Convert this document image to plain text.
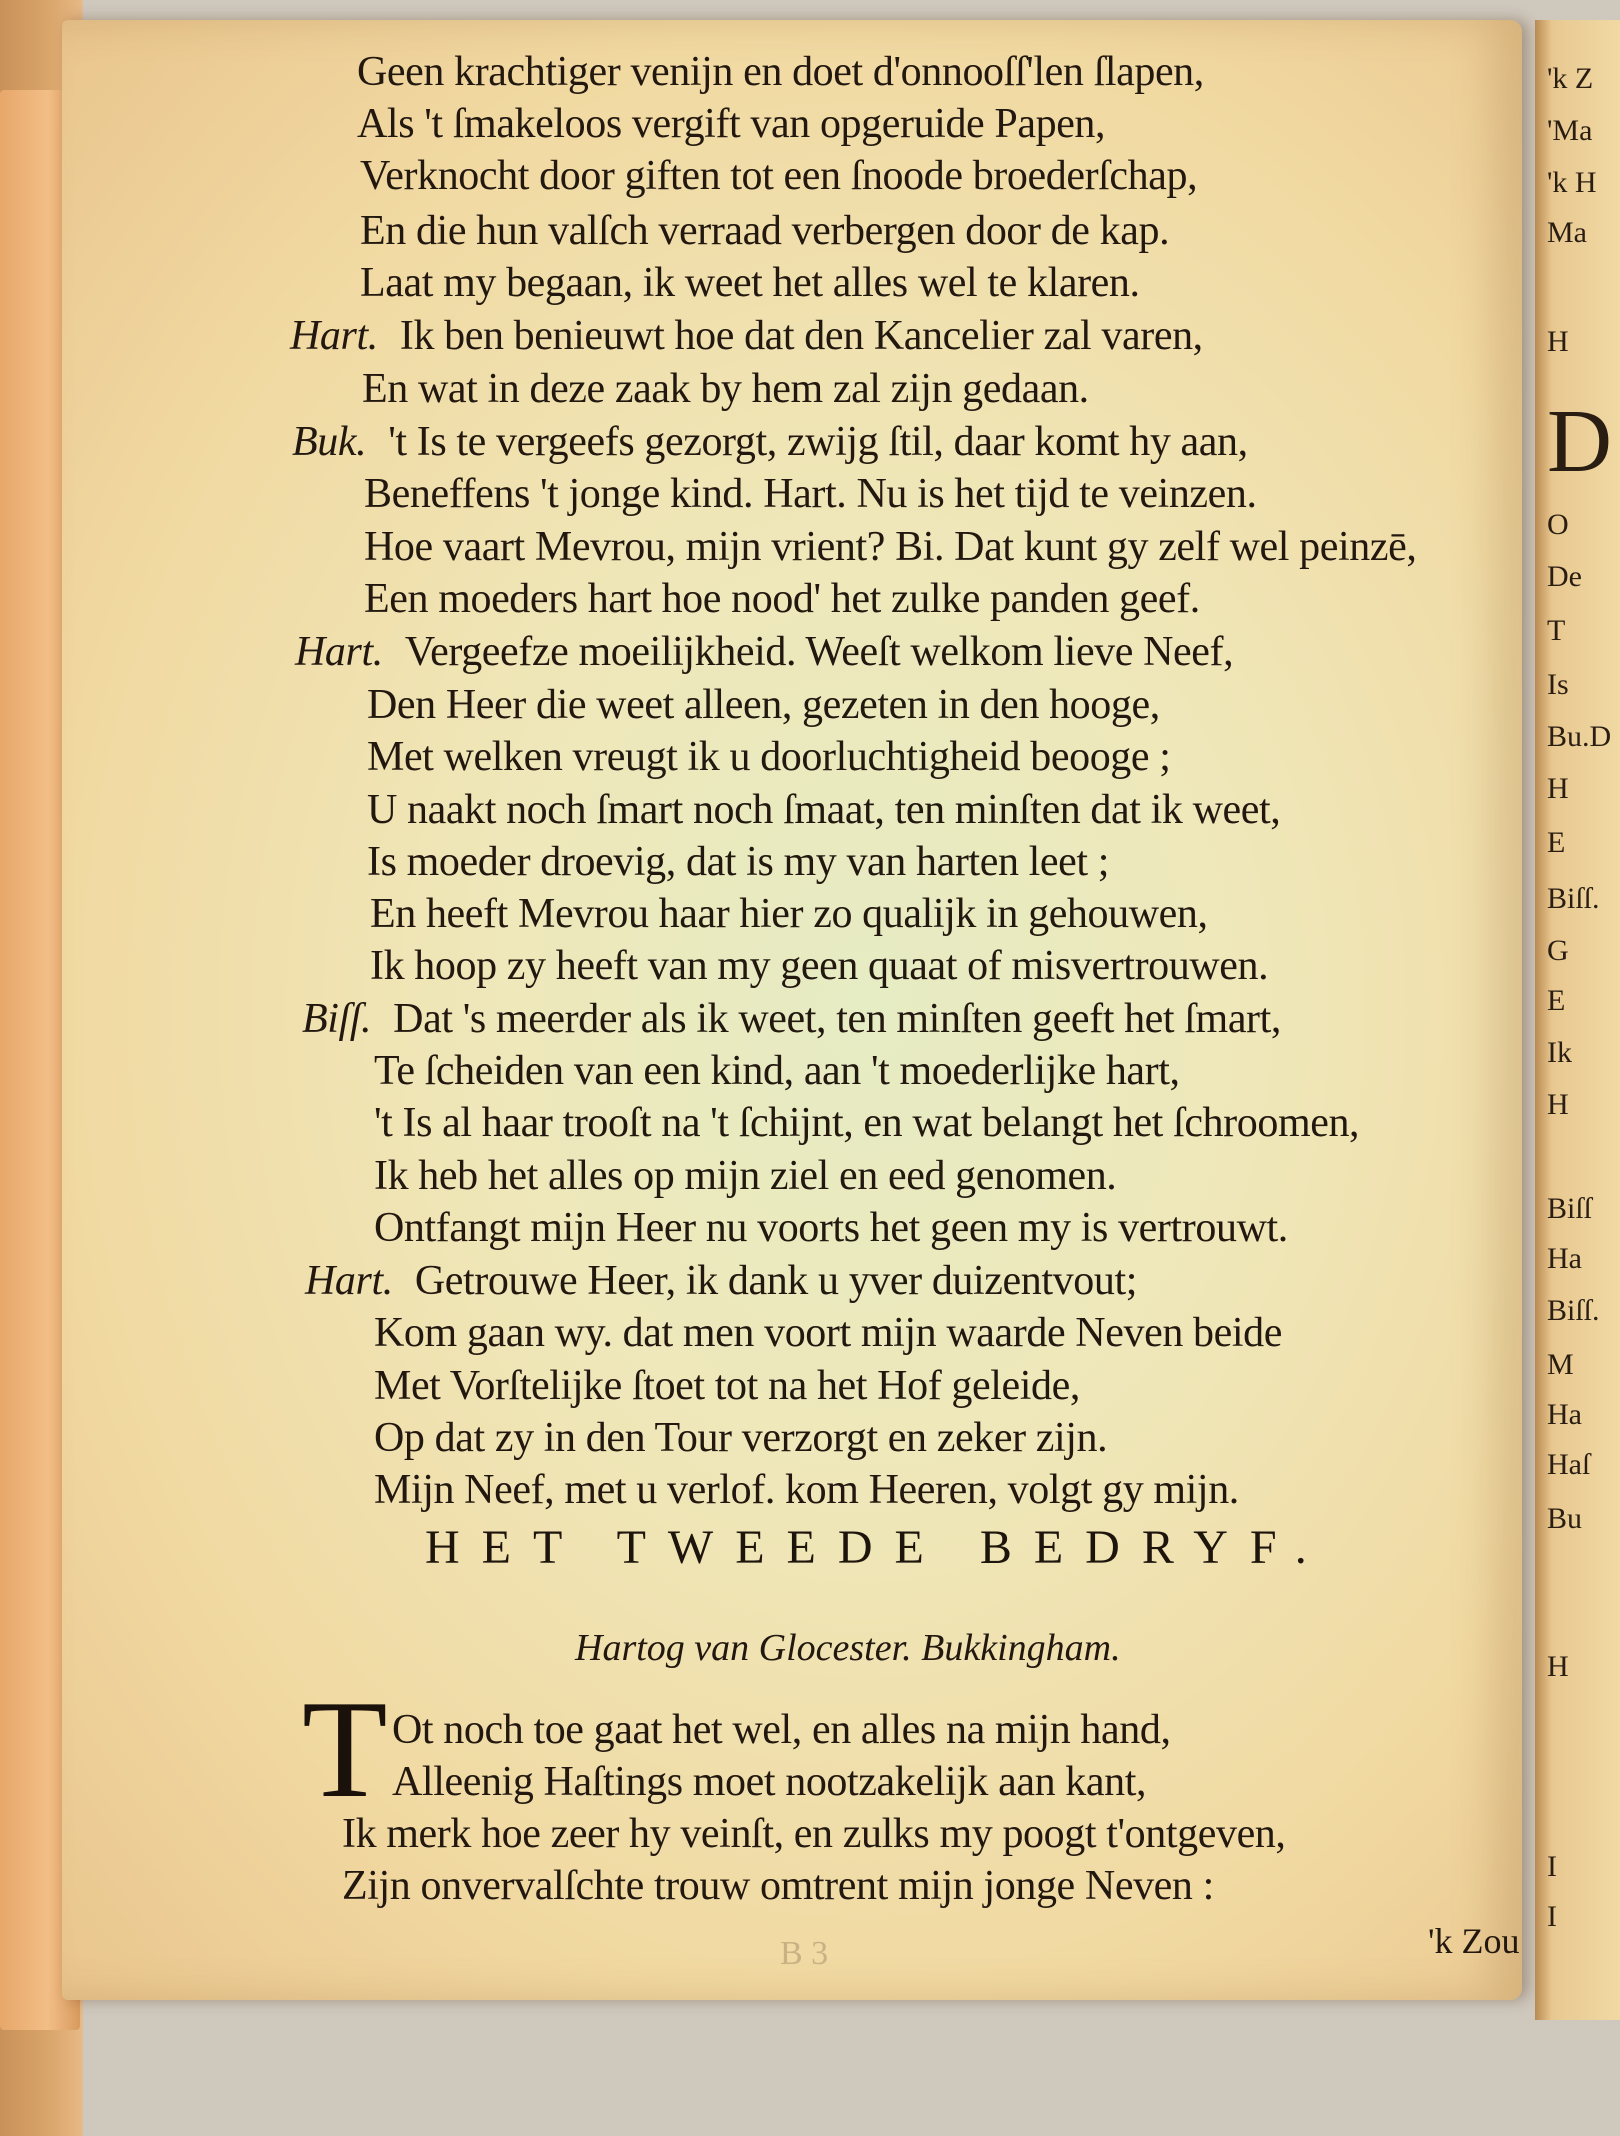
'k Z
'Ma
'k H
Ma
H
D
O
De
T
Is
Bu.D
H
E
Biſſ.
G
E
Ik
H
Biſſ
Ha
Biſſ.
M
Ha
Haſ
Bu
H
I
I
Geen krachtiger venijn en doet d'onnooſſ'len ſlapen,
Als 't ſmakeloos vergift van opgeruide Papen,
Verknocht door giften tot een ſnoode broederſchap,
En die hun valſch verraad verbergen door de kap.
Laat my begaan, ik weet het alles wel te klaren.
Hart. Ik ben benieuwt hoe dat den Kancelier zal varen,
En wat in deze zaak by hem zal zijn gedaan.
Buk. 't Is te vergeefs gezorgt, zwijg ſtil, daar komt hy aan,
Beneffens 't jonge kind. Hart. Nu is het tijd te veinzen.
Hoe vaart Mevrou, mijn vrient? Bi. Dat kunt gy zelf wel peinzē,
Een moeders hart hoe nood' het zulke panden geef.
Hart. Vergeefze moeilijkheid. Weeſt welkom lieve Neef,
Den Heer die weet alleen, gezeten in den hooge,
Met welken vreugt ik u doorluchtigheid beooge ;
U naakt noch ſmart noch ſmaat, ten minſten dat ik weet,
Is moeder droevig, dat is my van harten leet ;
En heeft Mevrou haar hier zo qualijk in gehouwen,
Ik hoop zy heeft van my geen quaat of misvertrouwen.
Biſſ. Dat 's meerder als ik weet, ten minſten geeft het ſmart,
Te ſcheiden van een kind, aan 't moederlijke hart,
't Is al haar trooſt na 't ſchijnt, en wat belangt het ſchroomen,
Ik heb het alles op mijn ziel en eed genomen.
Ontfangt mijn Heer nu voorts het geen my is vertrouwt.
Hart. Getrouwe Heer, ik dank u yver duizentvout;
Kom gaan wy. dat men voort mijn waarde Neven beide
Met Vorſtelijke ſtoet tot na het Hof geleide,
Op dat zy in den Tour verzorgt en zeker zijn.
Mijn Neef, met u verlof. kom Heeren, volgt gy mijn.
HET TWEEDE BEDRYF.
Hartog van Glocester. Bukkingham.
T Ot noch toe gaat het wel, en alles na mijn hand,
Alleenig Haſtings moet nootzakelijk aan kant,
Ik merk hoe zeer hy veinſt, en zulks my poogt t'ontgeven,
Zijn onvervalſchte trouw omtrent mijn jonge Neven :
B 3	'k Zou
